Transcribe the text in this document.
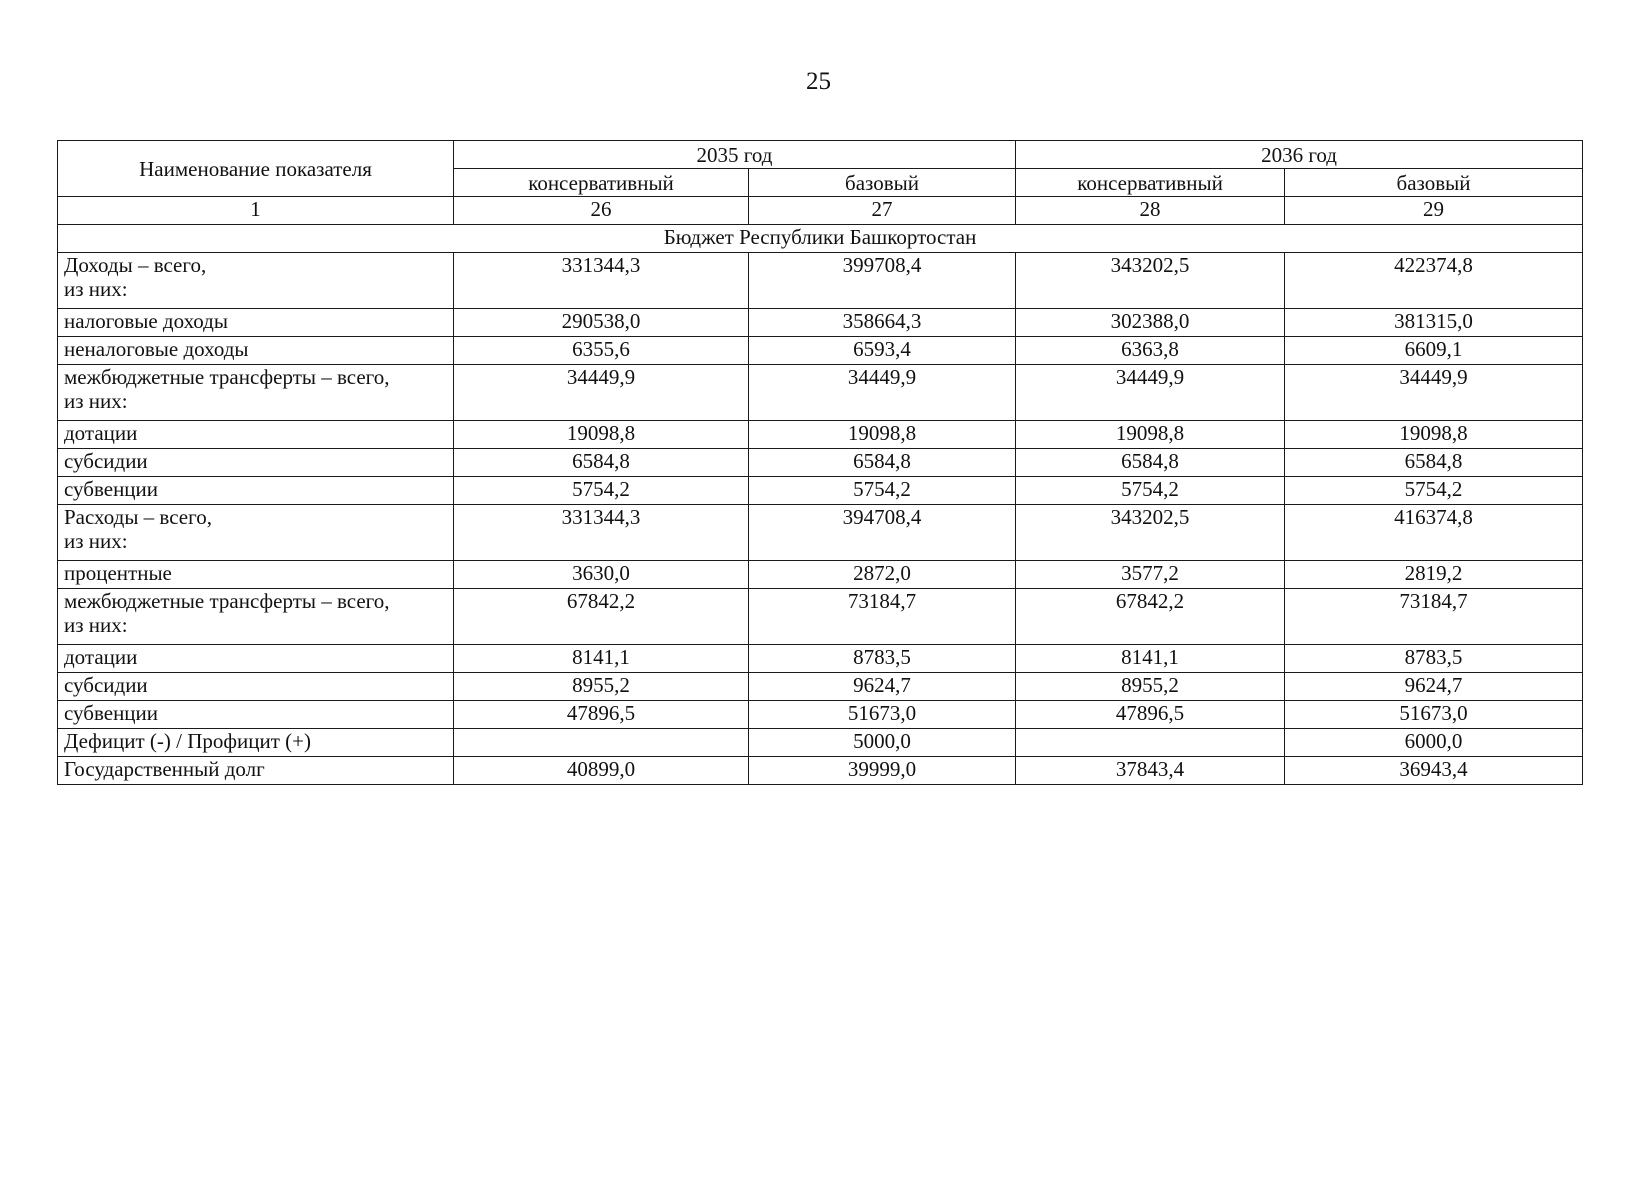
25
Наименование показателя	2035 год		2036 год	
	консервативный	базовый	консервативный	базовый
1	26	27	28	29
Бюджет Республики Башкортостан				

Доходы – всего,
из них:	331344,3	399708,4	343202,5	422374,8

налоговые доходы	290538,0	358664,3	302388,0	381315,0

неналоговые доходы	6355,6	6593,4	6363,8	6609,1

межбюджетные трансферты – всего,
из них:	34449,9	34449,9	34449,9	34449,9

дотации	19098,8	19098,8	19098,8	19098,8

субсидии	6584,8	6584,8	6584,8	6584,8

субвенции	5754,2	5754,2	5754,2	5754,2

Расходы – всего,
из них:	331344,3	394708,4	343202,5	416374,8

процентные	3630,0	2872,0	3577,2	2819,2

межбюджетные трансферты – всего,
из них:	67842,2	73184,7	67842,2	73184,7

дотации	8141,1	8783,5	8141,1	8783,5

субсидии	8955,2	9624,7	8955,2	9624,7

субвенции	47896,5	51673,0	47896,5	51673,0

Дефицит (-) / Профицит (+)		5000,0		6000,0

Государственный долг	40899,0	39999,0	37843,4	36943,4
